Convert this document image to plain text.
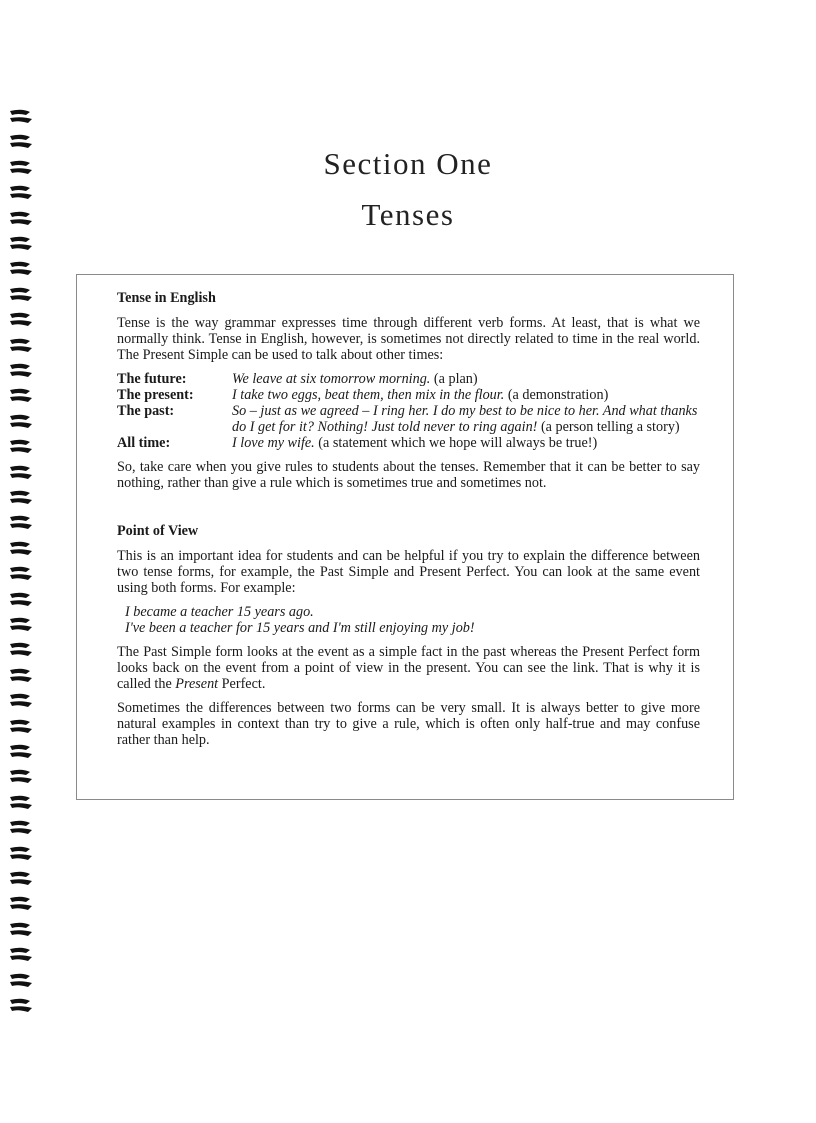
Section One
Tenses

Tense in English

Tense is the way grammar expresses time through different verb forms. At least, that is what we normally think. Tense in English, however, is sometimes not directly related to time in the real world. The Present Simple can be used to talk about other times:

The future:	We leave at six tomorrow morning. (a plan)
The present:	I take two eggs, beat them, then mix in the flour. (a demonstration)
The past:	So – just as we agreed – I ring her. I do my best to be nice to her. And what thanks do I get for it? Nothing! Just told never to ring again! (a person telling a story)
All time:	I love my wife. (a statement which we hope will always be true!)

So, take care when you give rules to students about the tenses. Remember that it can be better to say nothing, rather than give a rule which is sometimes true and sometimes not.

Point of View

This is an important idea for students and can be helpful if you try to explain the difference between two tense forms, for example, the Past Simple and Present Perfect. You can look at the same event using both forms. For example:

I became a teacher 15 years ago.
I've been a teacher for 15 years and I'm still enjoying my job!

The Past Simple form looks at the event as a simple fact in the past whereas the Present Perfect form looks back on the event from a point of view in the present. You can see the link. That is why it is called the Present Perfect.

Sometimes the differences between two forms can be very small. It is always better to give more natural examples in context than try to give a rule, which is often only half-true and may confuse rather than help.
